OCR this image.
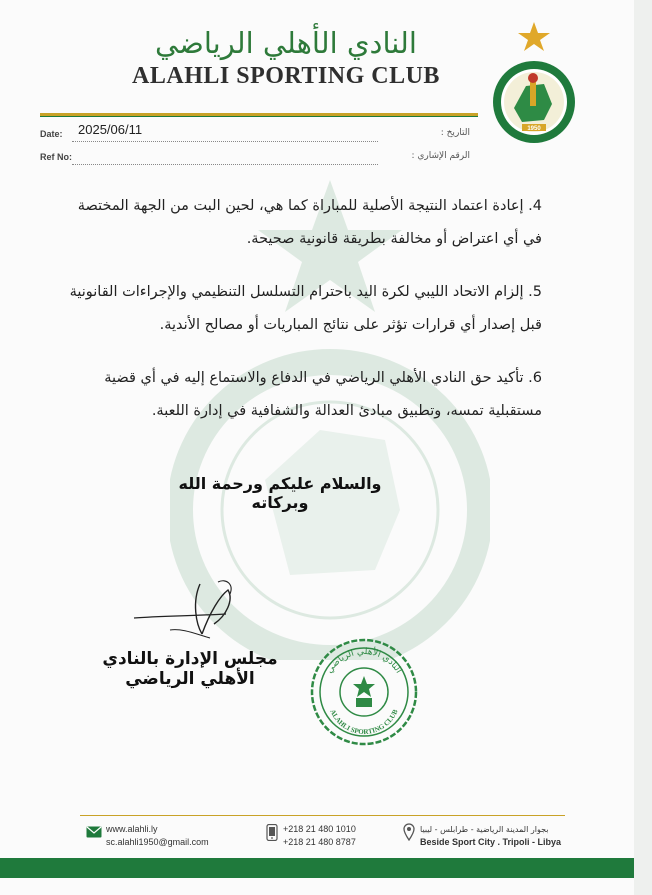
النادي الأهلي الرياضي
ALAHLI SPORTING CLUB
Date: 2025/06/11	التاريخ :
Ref No:	الرقم الإشاري :
1950

4. إعادة اعتماد النتيجة الأصلية للمباراة كما هي، لحين البت من الجهة المختصة في أي اعتراض أو مخالفة بطريقة قانونية صحيحة.

5. إلزام الاتحاد الليبي لكرة اليد باحترام التسلسل التنظيمي والإجراءات القانونية قبل إصدار أي قرارات تؤثر على نتائج المباريات أو مصالح الأندية.

6. تأكيد حق النادي الأهلي الرياضي في الدفاع والاستماع إليه في أي قضية مستقبلية تمسه، وتطبيق مبادئ العدالة والشفافية في إدارة اللعبة.

والسلام عليكم ورحمة الله وبركاته
مجلس الإدارة بالنادي الأهلي الرياضي	النادي الأهلي الرياضي
ALAHLI SPORTING CLUB
www.alahli.ly
sc.alahli1950@gmail.com
+218 21 480 1010
+218 21 480 8787
بجوار المدينة الرياضية - طرابلس - ليبيا
Beside Sport City . Tripoli - Libya
